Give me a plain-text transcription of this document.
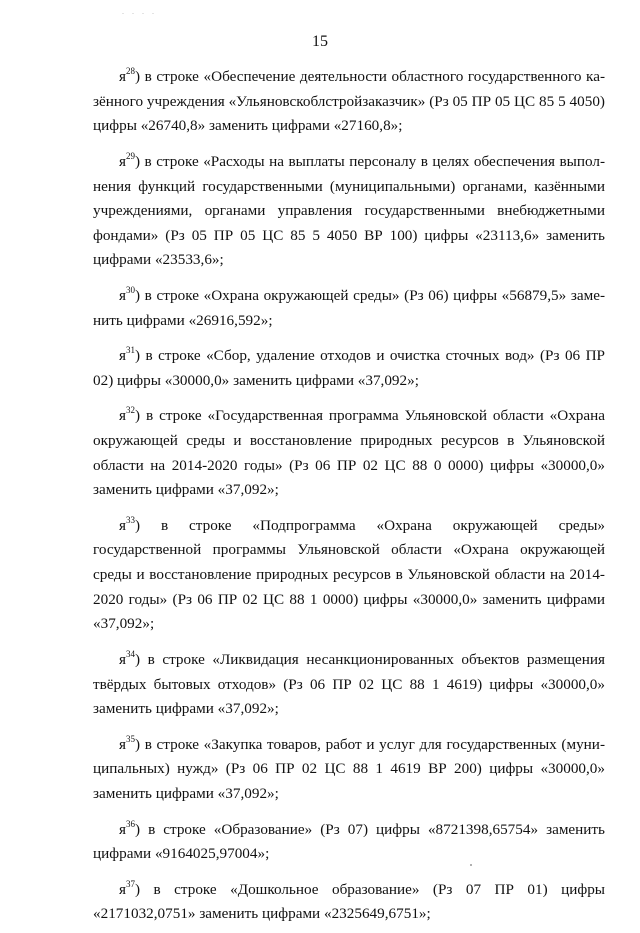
. . . .
15

$я^{28}$) в строке «Обеспечение деятельности областного государственного казённого учреждения «Ульяновскоблстройзаказчик» (Рз 05 ПР 05 ЦС 85 5 4050) цифры «26740,8» заменить цифрами «27160,8»;

$я^{29}$) в строке «Расходы на выплаты персоналу в целях обеспечения выполнения функций государственными (муниципальными) органами, казёнными учреждениями, органами управления государственными внебюджетными фондами» (Рз 05 ПР 05 ЦС 85 5 4050 ВР 100) цифры «23113,6» заменить цифрами «23533,6»;

$я^{30}$) в строке «Охрана окружающей среды» (Рз 06) цифры «56879,5» заменить цифрами «26916,592»;

$я^{31}$) в строке «Сбор, удаление отходов и очистка сточных вод» (Рз 06 ПР 02) цифры «30000,0» заменить цифрами «37,092»;

$я^{32}$) в строке «Государственная программа Ульяновской области «Охрана окружающей среды и восстановление природных ресурсов в Ульяновской области на 2014-2020 годы» (Рз 06 ПР 02 ЦС 88 0 0000) цифры «30000,0» заменить цифрами «37,092»;

$я^{33}$) в строке «Подпрограмма «Охрана окружающей среды» государственной программы Ульяновской области «Охрана окружающей среды и восстановление природных ресурсов в Ульяновской области на 2014-2020 годы» (Рз 06 ПР 02 ЦС 88 1 0000) цифры «30000,0» заменить цифрами «37,092»;

$я^{34}$) в строке «Ликвидация несанкционированных объектов размещения твёрдых бытовых отходов» (Рз 06 ПР 02 ЦС 88 1 4619) цифры «30000,0» заменить цифрами «37,092»;

$я^{35}$) в строке «Закупка товаров, работ и услуг для государственных (муниципальных) нужд» (Рз 06 ПР 02 ЦС 88 1 4619 ВР 200) цифры «30000,0» заменить цифрами «37,092»;

$я^{36}$) в строке «Образование» (Рз 07) цифры «8721398,65754» заменить цифрами «9164025,97004»;

$я^{37}$) в строке «Дошкольное образование» (Рз 07 ПР 01) цифры «2171032,0751» заменить цифрами «2325649,6751»;
